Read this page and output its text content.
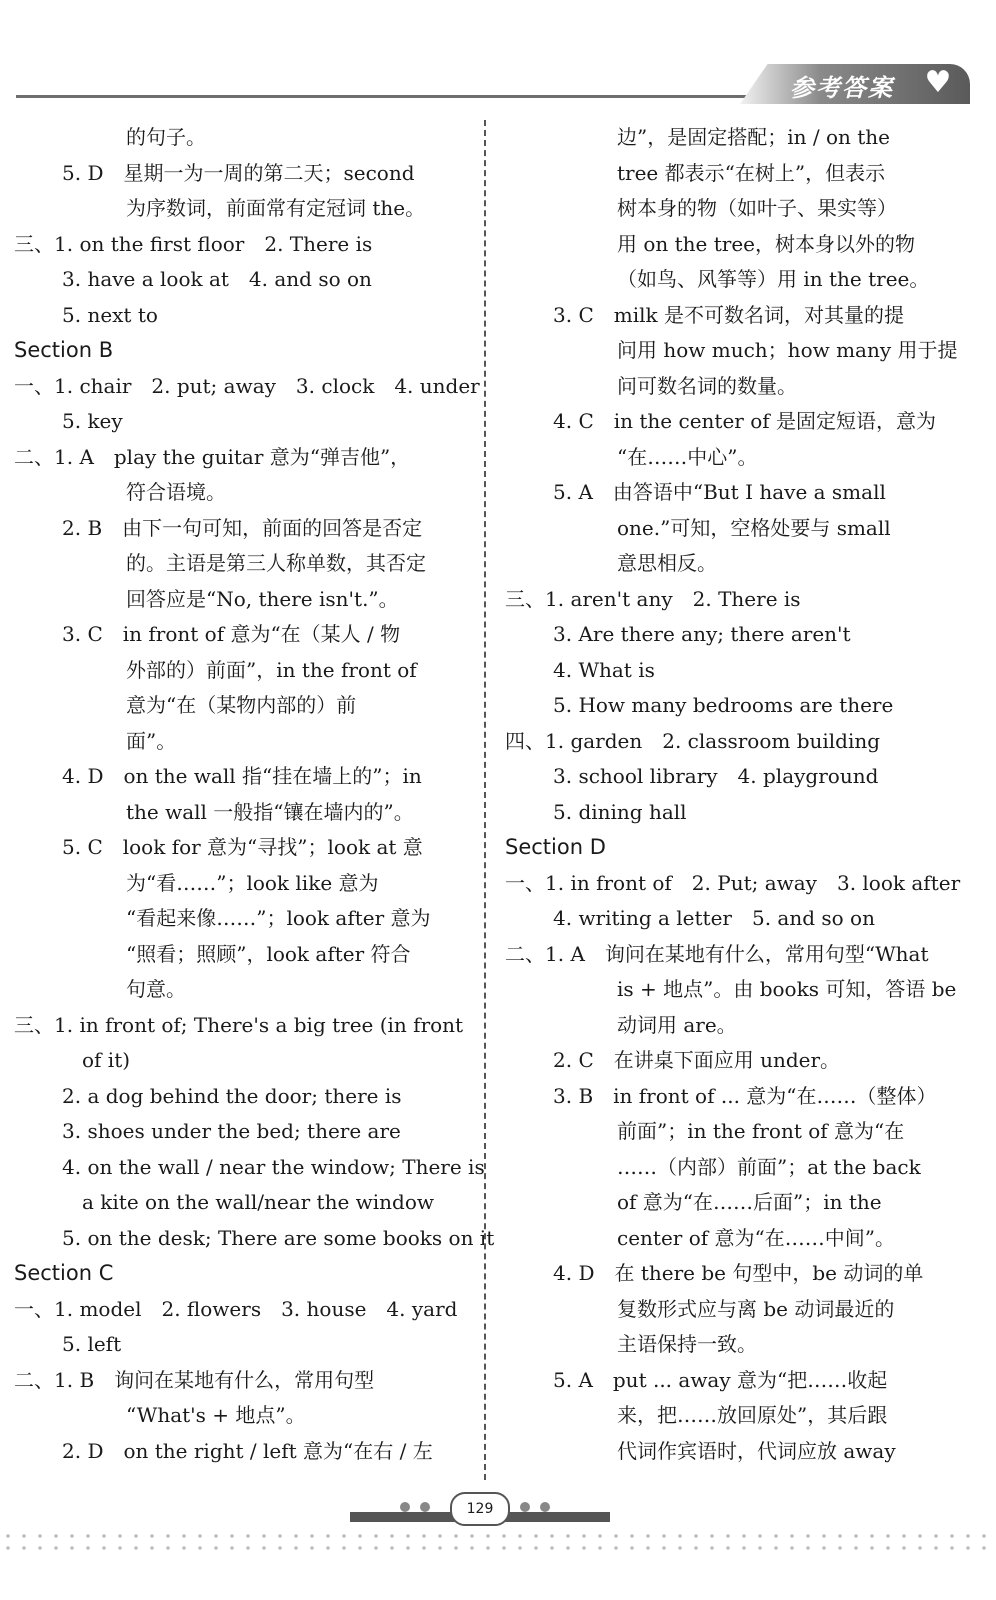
参考答案 ♥
的句子。
5. D　星期一为一周的第二天；second
为序数词，前面常有定冠词 the。
三、1. on the first floor　2. There is
3. have a look at　4. and so on
5. next to
Section B
一、1. chair　2. put; away　3. clock　4. under
5. key
二、1. A　play the guitar 意为“弹吉他”，
符合语境。
2. B　由下一句可知，前面的回答是否定
的。主语是第三人称单数，其否定
回答应是“No, there isn't.”。
3. C　in front of 意为“在（某人 / 物
外部的）前面”，in the front of
意为“在（某物内部的）前
面”。
4. D　on the wall 指“挂在墙上的”；in
the wall 一般指“镶在墙内的”。
5. C　look for 意为“寻找”；look at 意
为“看……”；look like 意为
“看起来像……”；look after 意为
“照看；照顾”，look after 符合
句意。
三、1. in front of; There's a big tree (in front
　of it)
2. a dog behind the door; there is
3. shoes under the bed; there are
4. on the wall / near the window; There is
　a kite on the wall/near the window
5. on the desk; There are some books on it
Section C
一、1. model　2. flowers　3. house　4. yard
5. left
二、1. B　询问在某地有什么，常用句型
“What's + 地点”。
2. D　on the right / left 意为“在右 / 左
边”，是固定搭配；in / on the
tree 都表示“在树上”，但表示
树本身的物（如叶子、果实等）
用 on the tree，树本身以外的物
（如鸟、风筝等）用 in the tree。
3. C　milk 是不可数名词，对其量的提
问用 how much；how many 用于提
问可数名词的数量。
4. C　in the center of 是固定短语，意为
“在……中心”。
5. A　由答语中“But I have a small
one.”可知，空格处要与 small
意思相反。
三、1. aren't any　2. There is
3. Are there any; there aren't
4. What is
5. How many bedrooms are there
四、1. garden　2. classroom building
3. school library　4. playground
5. dining hall
Section D
一、1. in front of　2. Put; away　3. look after
4. writing a letter　5. and so on
二、1. A　询问在某地有什么，常用句型“What
is + 地点”。由 books 可知，答语 be
动词用 are。
2. C　在讲桌下面应用 under。
3. B　in front of ... 意为“在……（整体）
前面”；in the front of 意为“在
……（内部）前面”；at the back
of 意为“在……后面”；in the
center of 意为“在……中间”。
4. D　在 there be 句型中，be 动词的单
复数形式应与离 be 动词最近的
主语保持一致。
5. A　put ... away 意为“把……收起
来，把……放回原处”，其后跟
代词作宾语时，代词应放 away
129
